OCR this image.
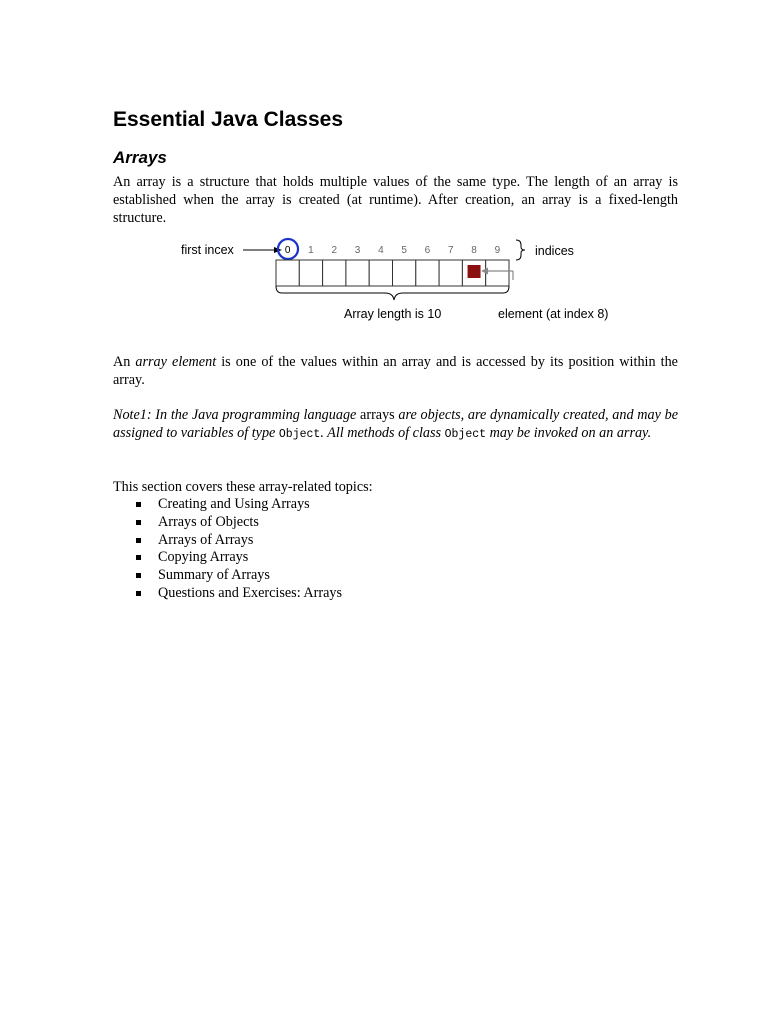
Essential Java Classes
Arrays

An array is a structure that holds multiple values of the same type. The length of an array is established when the array is created (at runtime). After creation, an array is a fixed-length structure.

first incex	0 1 2 3 4 5 6 7 8 9	indices
Array length is 10	element (at index 8)

An array element is one of the values within an array and is accessed by its position within the array.

Note1: In the Java programming language arrays are objects, are dynamically created, and may be assigned to variables of type Object. All methods of class Object may be invoked on an array.

This section covers these array-related topics:

Creating and Using Arrays
Arrays of Objects
Arrays of Arrays
Copying Arrays
Summary of Arrays
Questions and Exercises: Arrays
